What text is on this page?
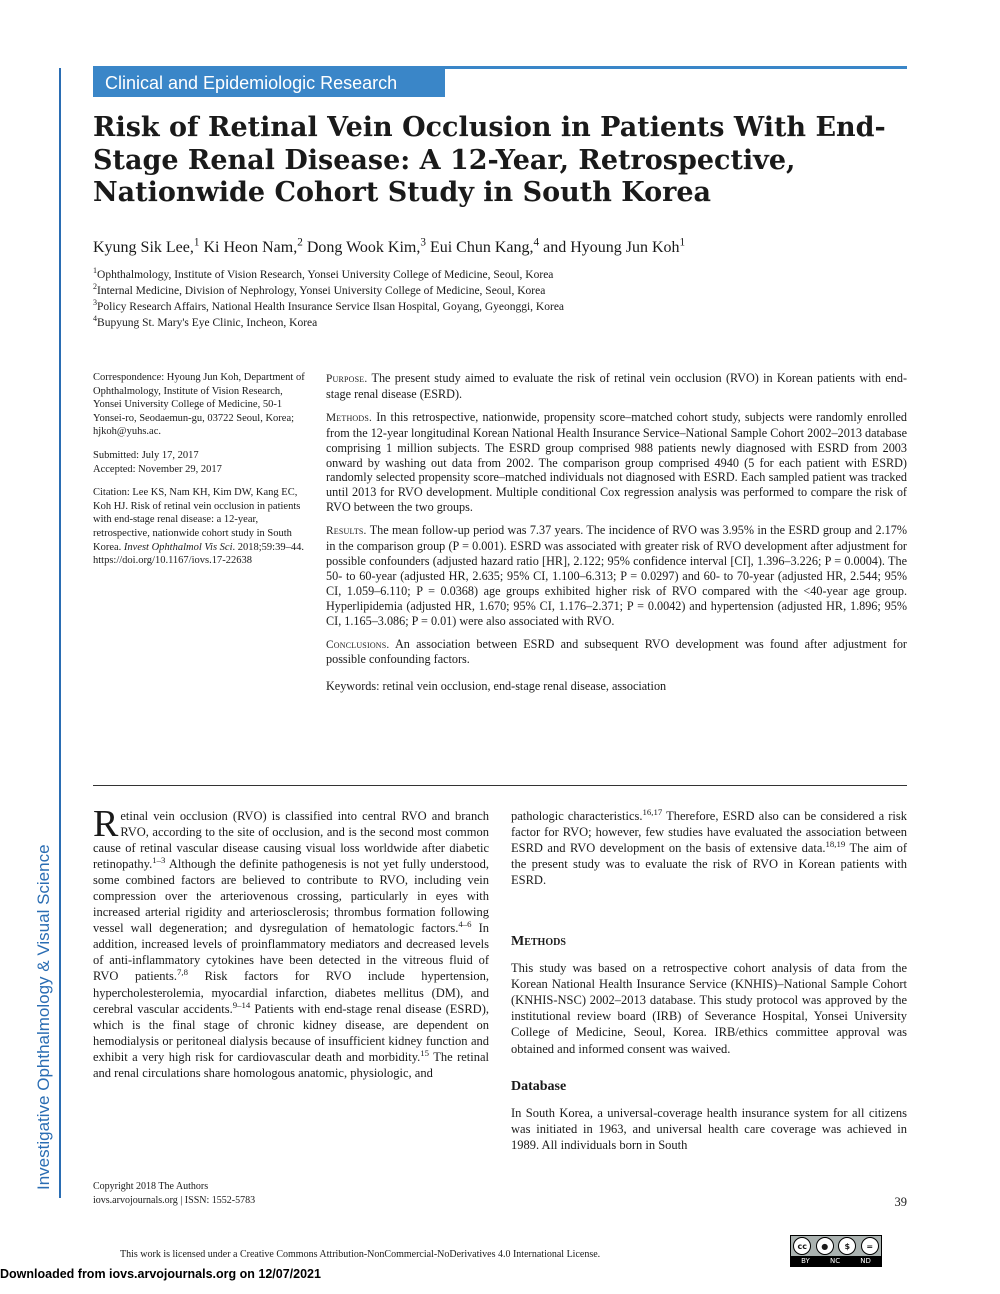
Investigative Ophthalmology & Visual Science
Clinical and Epidemiologic Research
Risk of Retinal Vein Occlusion in Patients With End-Stage Renal Disease: A 12-Year, Retrospective, Nationwide Cohort Study in South Korea
Kyung Sik Lee,$^1$ Ki Heon Nam,$^2$ Dong Wook Kim,$^3$ Eui Chun Kang,$^4$ and Hyoung Jun Koh$^1$
$^1$Ophthalmology, Institute of Vision Research, Yonsei University College of Medicine, Seoul, Korea
$^2$Internal Medicine, Division of Nephrology, Yonsei University College of Medicine, Seoul, Korea
$^3$Policy Research Affairs, National Health Insurance Service Ilsan Hospital, Goyang, Gyeonggi, Korea
$^4$Bupyung St. Mary's Eye Clinic, Incheon, Korea

Correspondence: Hyoung Jun Koh, Department of Ophthalmology, Institute of Vision Research, Yonsei University College of Medicine, 50-1 Yonsei-ro, Seodaemun-gu, 03722 Seoul, Korea; hjkoh@yuhs.ac.

Submitted: July 17, 2017
Accepted: November 29, 2017

Citation: Lee KS, Nam KH, Kim DW, Kang EC, Koh HJ. Risk of retinal vein occlusion in patients with end-stage renal disease: a 12-year, retrospective, nationwide cohort study in South Korea. Invest Ophthalmol Vis Sci. 2018;59:39–44. https://doi.org/10.1167/iovs.17-22638

Purpose. The present study aimed to evaluate the risk of retinal vein occlusion (RVO) in Korean patients with end-stage renal disease (ESRD).

Methods. In this retrospective, nationwide, propensity score–matched cohort study, subjects were randomly enrolled from the 12-year longitudinal Korean National Health Insurance Service–National Sample Cohort 2002–2013 database comprising 1 million subjects. The ESRD group comprised 988 patients newly diagnosed with ESRD from 2003 onward by washing out data from 2002. The comparison group comprised 4940 (5 for each patient with ESRD) randomly selected propensity score–matched individuals not diagnosed with ESRD. Each sampled patient was tracked until 2013 for RVO development. Multiple conditional Cox regression analysis was performed to compare the risk of RVO between the two groups.

Results. The mean follow-up period was 7.37 years. The incidence of RVO was 3.95% in the ESRD group and 2.17% in the comparison group (P = 0.001). ESRD was associated with greater risk of RVO development after adjustment for possible confounders (adjusted hazard ratio [HR], 2.122; 95% confidence interval [CI], 1.396–3.226; P = 0.0004). The 50- to 60-year (adjusted HR, 2.635; 95% CI, 1.100–6.313; P = 0.0297) and 60- to 70-year (adjusted HR, 2.544; 95% CI, 1.059–6.110; P = 0.0368) age groups exhibited higher risk of RVO compared with the <40-year age group. Hyperlipidemia (adjusted HR, 1.670; 95% CI, 1.176–2.371; P = 0.0042) and hypertension (adjusted HR, 1.896; 95% CI, 1.165–3.086; P = 0.01) were also associated with RVO.

Conclusions. An association between ESRD and subsequent RVO development was found after adjustment for possible confounding factors.

Keywords: retinal vein occlusion, end-stage renal disease, association

Retinal vein occlusion (RVO) is classified into central RVO and branch RVO, according to the site of occlusion, and is the second most common cause of retinal vascular disease causing visual loss worldwide after diabetic retinopathy.$^{1-3}$ Although the definite pathogenesis is not yet fully understood, some combined factors are believed to contribute to RVO, including vein compression over the arteriovenous crossing, particularly in eyes with increased arterial rigidity and arteriosclerosis; thrombus formation following vessel wall degeneration; and dysregulation of hematologic factors.$^{4-6}$ In addition, increased levels of proinflammatory mediators and decreased levels of anti-inflammatory cytokines have been detected in the vitreous fluid of RVO patients.$^{7,8}$ Risk factors for RVO include hypertension, hypercholesterolemia, myocardial infarction, diabetes mellitus (DM), and cerebral vascular accidents.$^{9-14}$ Patients with end-stage renal disease (ESRD), which is the final stage of chronic kidney disease, are dependent on hemodialysis or peritoneal dialysis because of insufficient kidney function and exhibit a very high risk for cardiovascular death and morbidity.$^{15}$ The retinal and renal circulations share homologous anatomic, physiologic, and

pathologic characteristics.$^{16,17}$ Therefore, ESRD also can be considered a risk factor for RVO; however, few studies have evaluated the association between ESRD and RVO development on the basis of extensive data.$^{18,19}$ The aim of the present study was to evaluate the risk of RVO in Korean patients with ESRD.

Methods

This study was based on a retrospective cohort analysis of data from the Korean National Health Insurance Service (KNHIS)–National Sample Cohort (KNHIS-NSC) 2002–2013 database. This study protocol was approved by the institutional review board (IRB) of Severance Hospital, Yonsei University College of Medicine, Seoul, Korea. IRB/ethics committee approval was obtained and informed consent was waived.

Database

In South Korea, a universal-coverage health insurance system for all citizens was initiated in 1963, and universal health care coverage was achieved in 1989. All individuals born in South

Copyright 2018 The Authors
iovs.arvojournals.org | ISSN: 1552-5783	39
This work is licensed under a Creative Commons Attribution-NonCommercial-NoDerivatives 4.0 International License.
cc	●	$	=
BY	NC	ND
Downloaded from iovs.arvojournals.org on 12/07/2021
